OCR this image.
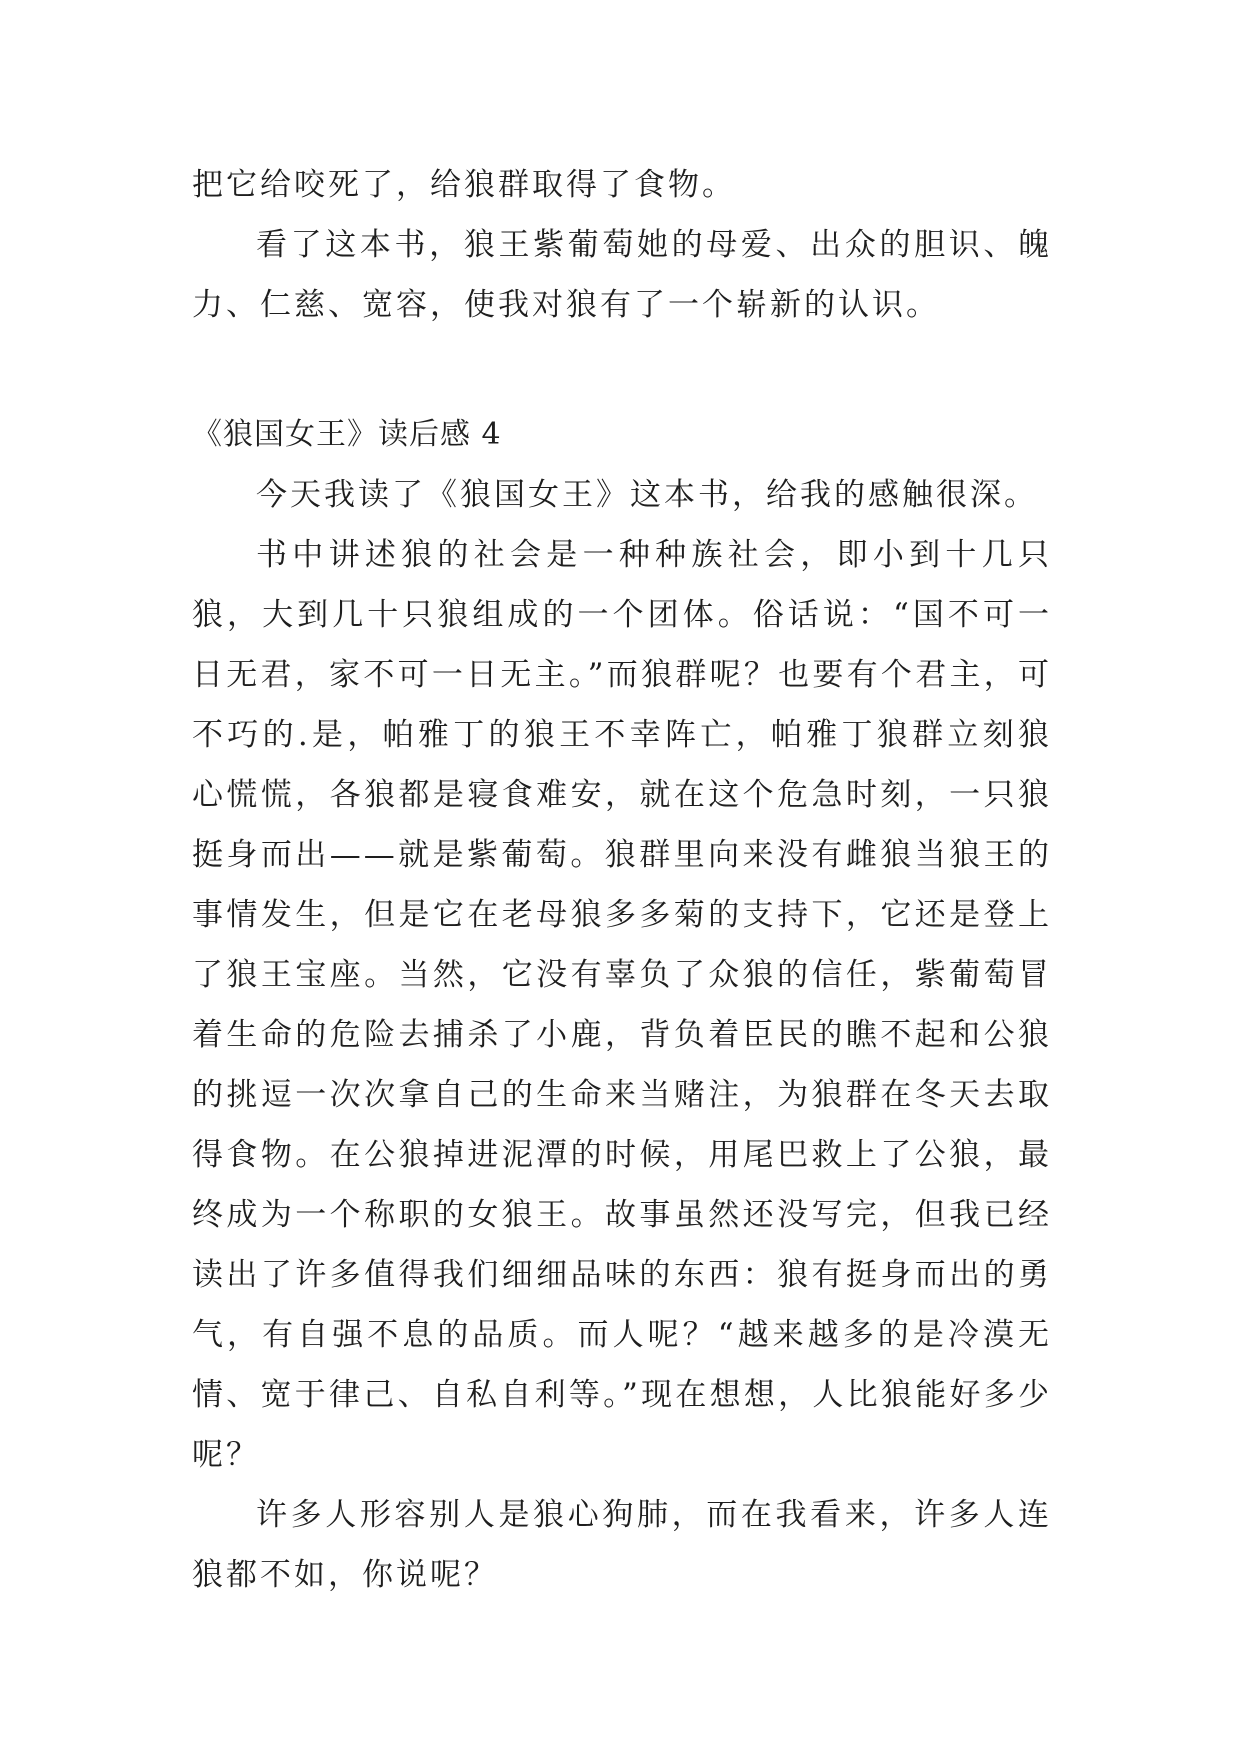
把它给咬死了，给狼群取得了食物。

看了这本书，狼王紫葡萄她的母爱、出众的胆识、魄力、仁慈、宽容，使我对狼有了一个崭新的认识。

《狼国女王》读后感 4

今天我读了《狼国女王》这本书，给我的感触很深。

书中讲述狼的社会是一种种族社会，即小到十几只狼，大到几十只狼组成的一个团体。俗话说：“国不可一日无君，家不可一日无主。”而狼群呢？也要有个君主，可不巧的.是，帕雅丁的狼王不幸阵亡，帕雅丁狼群立刻狼心慌慌，各狼都是寝食难安，就在这个危急时刻，一只狼挺身而出——就是紫葡萄。狼群里向来没有雌狼当狼王的事情发生，但是它在老母狼多多菊的支持下，它还是登上了狼王宝座。当然，它没有辜负了众狼的信任，紫葡萄冒着生命的危险去捕杀了小鹿，背负着臣民的瞧不起和公狼的挑逗一次次拿自己的生命来当赌注，为狼群在冬天去取得食物。在公狼掉进泥潭的时候，用尾巴救上了公狼，最终成为一个称职的女狼王。故事虽然还没写完，但我已经读出了许多值得我们细细品味的东西：狼有挺身而出的勇气，有自强不息的品质。而人呢？“越来越多的是冷漠无情、宽于律己、自私自利等。”现在想想，人比狼能好多少呢？

许多人形容别人是狼心狗肺，而在我看来，许多人连狼都不如，你说呢？
